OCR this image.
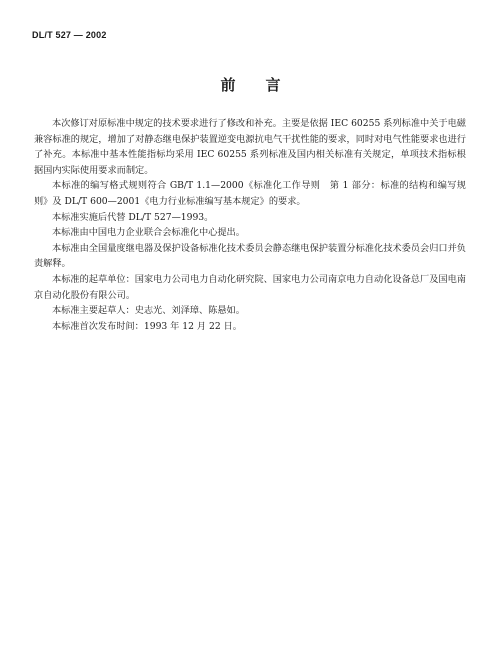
DL/T 527 — 2002
前言

本次修订对原标准中规定的技术要求进行了修改和补充。主要是依据 IEC 60255 系列标准中关于电磁兼容标准的规定，增加了对静态继电保护装置逆变电源抗电气干扰性能的要求，同时对电气性能要求也进行了补充。本标准中基本性能指标均采用 IEC 60255 系列标准及国内相关标准有关规定，单项技术指标根据国内实际使用要求而制定。

本标准的编写格式规则符合 GB/T 1.1—2000《标准化工作导则　第 1 部分：标准的结构和编写规则》及 DL/T 600—2001《电力行业标准编写基本规定》的要求。

本标准实施后代替 DL/T 527—1993。

本标准由中国电力企业联合会标准化中心提出。

本标准由全国量度继电器及保护设备标准化技术委员会静态继电保护装置分标准化技术委员会归口并负责解释。

本标准的起草单位：国家电力公司电力自动化研究院、国家电力公司南京电力自动化设备总厂及国电南京自动化股份有限公司。

本标准主要起草人：史志光、刘泽璋、陈悬如。

本标准首次发布时间：1993 年 12 月 22 日。
